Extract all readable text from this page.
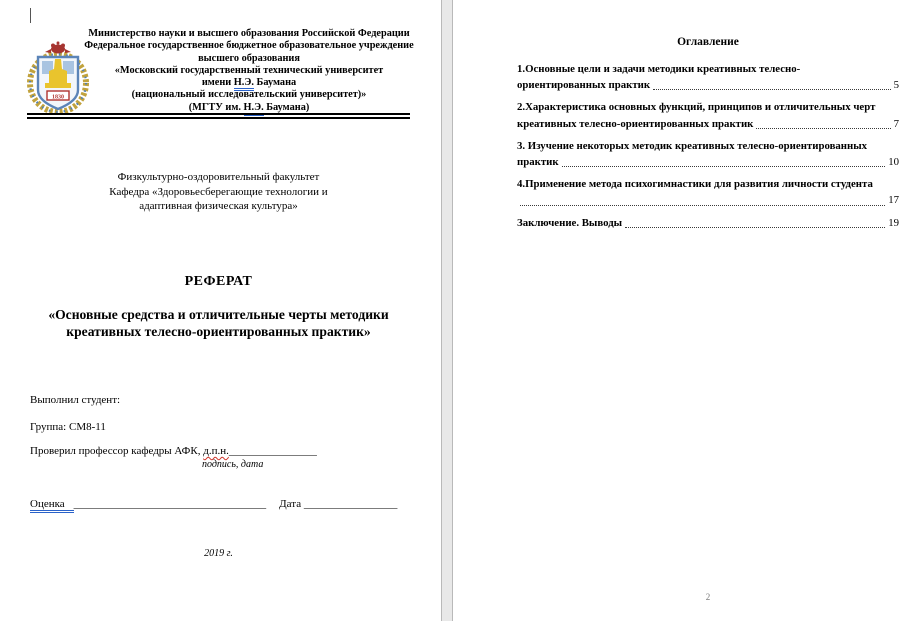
1830
Министерство науки и высшего образования Российской Федерации
Федеральное государственное бюджетное образовательное учреждение
высшего образования
«Московский государственный технический университет
имени Н.Э. Баумана
(национальный исследовательский университет)»
(МГТУ им. Н.Э. Баумана)
Физкультурно-оздоровительный факультет
Кафедра «Здоровьесберегающие технологии и
адаптивная физическая культура»
РЕФЕРАТ
«Основные средства и отличительные черты методики
креативных телесно-ориентированных практик»
Выполнил студент:
Группа: СМ8-11
Проверил профессор кафедры АФК, д.п.н.________________
подпись, дата
Оценка ___________________________________ Дата _________________
2019 г.
Оглавление
1.Основные цели и задачи методики креативных телесно-
ориентированных практик	5
2.Характеристика основных функций, принципов и отличительных черт
креативных телесно-ориентированных практик	7
3. Изучение некоторых методик креативных телесно-ориентированных
практик	10
4.Применение метода психогимнастики для развития личности студента
17
Заключение. Выводы	19
2
